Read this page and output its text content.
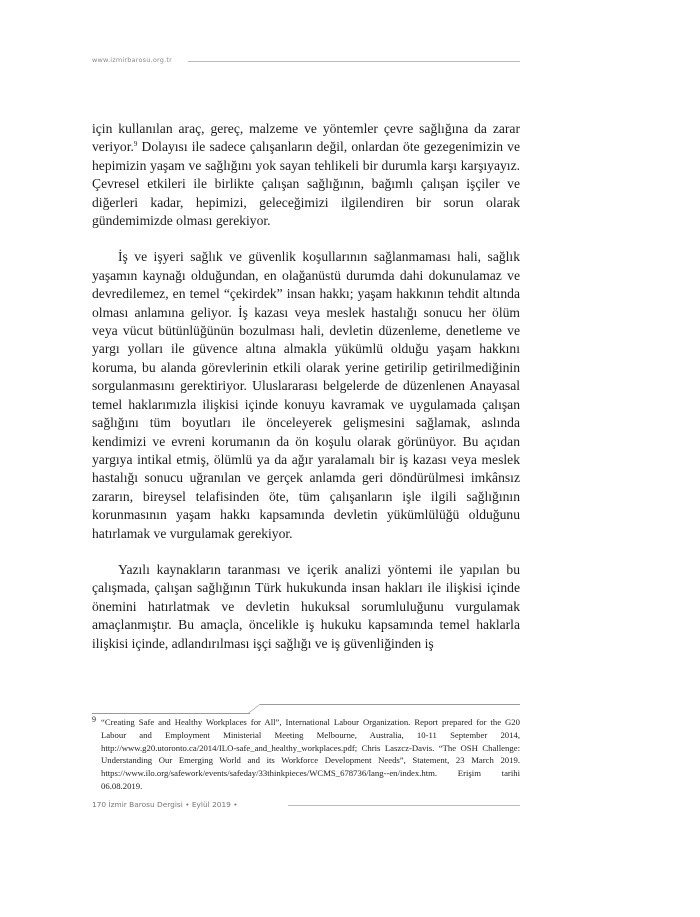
www.izmirbarosu.org.tr

için kullanılan araç, gereç, malzeme ve yöntemler çevre sağlığına da zarar veriyor.$^9$ Dolayısı ile sadece çalışanların değil, onlardan öte gezegenimizin ve hepimizin yaşam ve sağlığını yok sayan tehlikeli bir durumla karşı karşıyayız. Çevresel etkileri ile birlikte çalışan sağlığının, bağımlı çalışan işçiler ve diğerleri kadar, hepimizi, geleceğimizi ilgilendiren bir sorun olarak gündemimizde olması gerekiyor.

İş ve işyeri sağlık ve güvenlik koşullarının sağlanmaması hali, sağlık yaşamın kaynağı olduğundan, en olağanüstü durumda dahi dokunulamaz ve devredilemez, en temel “çekirdek” insan hakkı; yaşam hakkının tehdit altında olması anlamına geliyor. İş kazası veya meslek hastalığı sonucu her ölüm veya vücut bütünlüğünün bozulması hali, devletin düzenleme, denetleme ve yargı yolları ile güvence altına almakla yükümlü olduğu yaşam hakkını koruma, bu alanda görevlerinin etkili olarak yerine getirilip getirilmediğinin sorgulanmasını gerektiriyor. Uluslararası belgelerde de düzenlenen Anayasal temel haklarımızla ilişkisi içinde konuyu kavramak ve uygulamada çalışan sağlığını tüm boyutları ile önceleyerek gelişmesini sağlamak, aslında kendimizi ve evreni korumanın da ön koşulu olarak görünüyor. Bu açıdan yargıya intikal etmiş, ölümlü ya da ağır yaralamalı bir iş kazası veya meslek hastalığı sonucu uğranılan ve gerçek anlamda geri döndürülmesi imkânsız zararın, bireysel telafisinden öte, tüm çalışanların işle ilgili sağlığının korunmasının yaşam hakkı kapsamında devletin yükümlülüğü olduğunu hatırlamak ve vurgulamak gerekiyor.

Yazılı kaynakların taranması ve içerik analizi yöntemi ile yapılan bu çalışmada, çalışan sağlığının Türk hukukunda insan hakları ile ilişkisi içinde önemini hatırlatmak ve devletin hukuksal sorumluluğunu vurgulamak amaçlanmıştır. Bu amaçla, öncelikle iş hukuku kapsamında temel haklarla ilişkisi içinde, adlandırılması işçi sağlığı ve iş güvenliğinden iş

9 “Creating Safe and Healthy Workplaces for All”, International Labour Organization. Report prepared for the G20 Labour and Employment Ministerial Meeting Melbourne, Australia, 10-11 September 2014, http://www.g20.utoronto.ca/2014/ILO-safe_and_healthy_workplaces.pdf; Chris Laszcz-Davis. “The OSH Challenge: Understanding Our Emerging World and its Workforce Development Needs”, Statement, 23 March 2019. https://www.ilo.org/safework/events/safeday/33thinkpieces/WCMS_678736/lang--en/index.htm. Erişim tarihi 06.08.2019.
170 İzmir Barosu Dergisi • Eylül 2019 •
